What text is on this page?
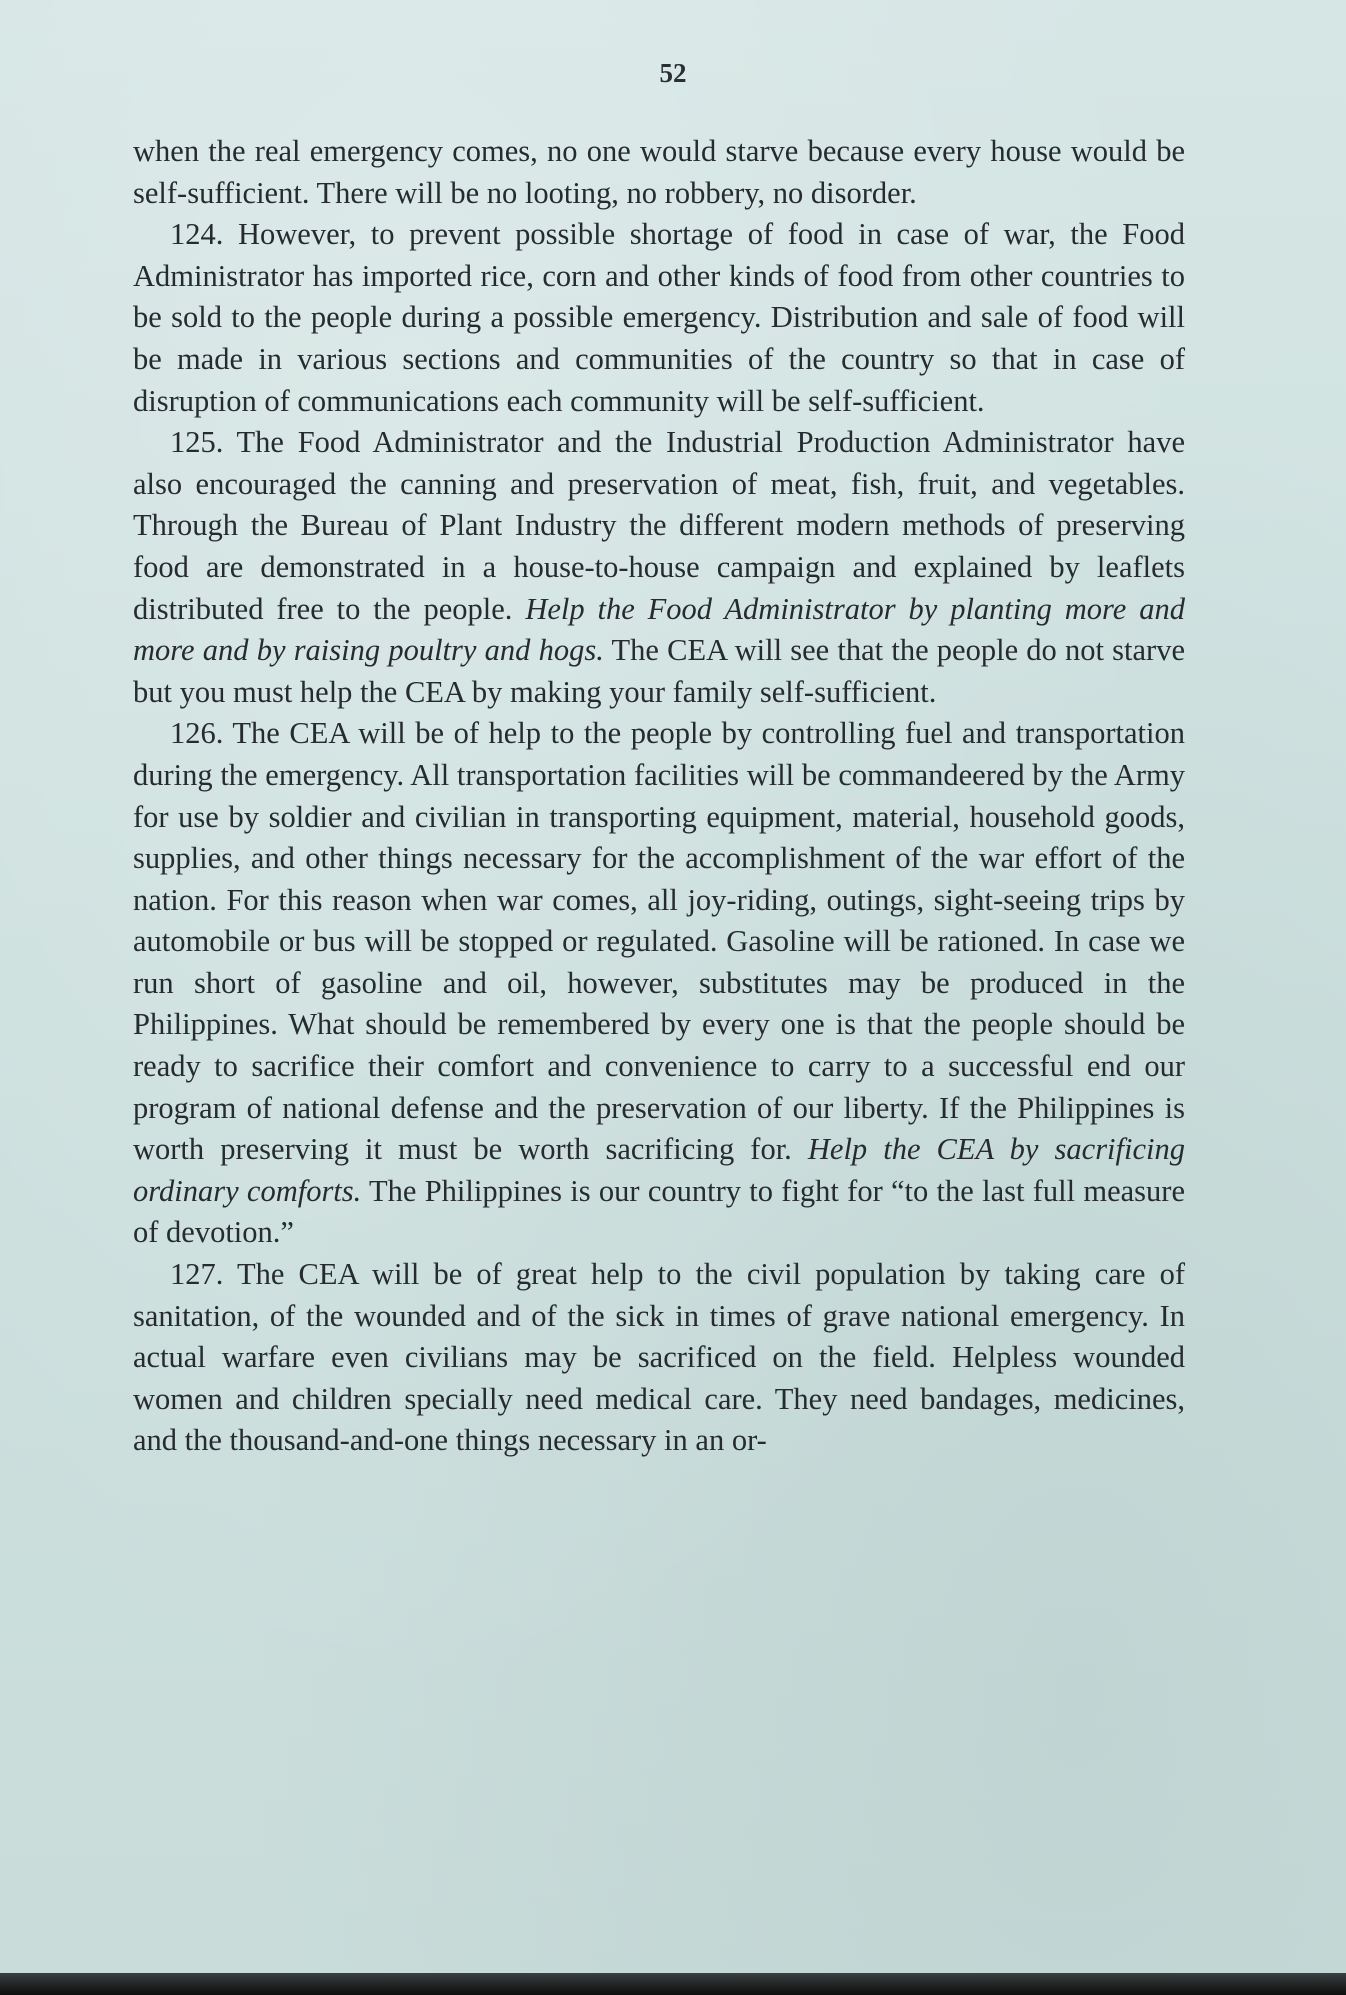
52

when the real emergency comes, no one would starve because every house would be self-sufficient. There will be no looting, no robbery, no disorder.

124. However, to prevent possible shortage of food in case of war, the Food Administrator has imported rice, corn and other kinds of food from other countries to be sold to the people during a possible emergency. Distribution and sale of food will be made in various sections and communities of the country so that in case of disruption of communications each community will be self-sufficient.

125. The Food Administrator and the Industrial Production Administrator have also encouraged the canning and preservation of meat, fish, fruit, and vegetables. Through the Bureau of Plant Industry the different modern methods of preserving food are demonstrated in a house-to-house campaign and explained by leaflets distributed free to the people. Help the Food Administrator by planting more and more and by raising poultry and hogs. The CEA will see that the people do not starve but you must help the CEA by making your family self-sufficient.

126. The CEA will be of help to the people by controlling fuel and transportation during the emergency. All transportation facilities will be commandeered by the Army for use by soldier and civilian in transporting equipment, material, household goods, supplies, and other things necessary for the accomplishment of the war effort of the nation. For this reason when war comes, all joy-riding, outings, sight-seeing trips by automobile or bus will be stopped or regulated. Gasoline will be rationed. In case we run short of gasoline and oil, however, substitutes may be produced in the Philippines. What should be remembered by every one is that the people should be ready to sacrifice their comfort and convenience to carry to a successful end our program of national defense and the preservation of our liberty. If the Philippines is worth preserving it must be worth sacrificing for. Help the CEA by sacrificing ordinary comforts. The Philippines is our country to fight for “to the last full measure of devotion.”

127. The CEA will be of great help to the civil population by taking care of sanitation, of the wounded and of the sick in times of grave national emergency. In actual warfare even civilians may be sacrificed on the field. Helpless wounded women and children specially need medical care. They need bandages, medicines, and the thousand-and-one things necessary in an or-
